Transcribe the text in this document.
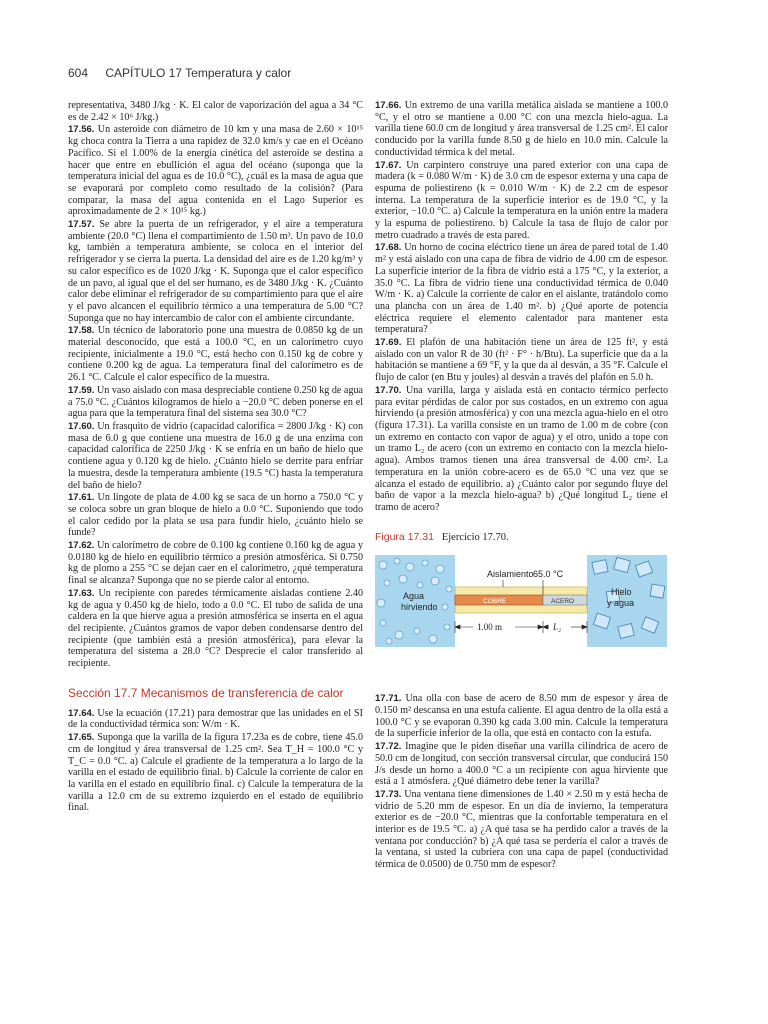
604 CAPÍTULO 17 Temperatura y calor

representativa, 3480 J/kg · K. El calor de vaporización del agua a 34 °C es de 2.42 × 10⁶ J/kg.)

17.56. Un asteroide con diámetro de 10 km y una masa de 2.60 × 10¹⁵ kg choca contra la Tierra a una rapidez de 32.0 km/s y cae en el Océano Pacífico. Si el 1.00% de la energía cinética del asteroide se destina a hacer que entre en ebullición el agua del océano (suponga que la temperatura inicial del agua es de 10.0 °C), ¿cuál es la masa de agua que se evaporará por completo como resultado de la colisión? (Para comparar, la masa del agua contenida en el Lago Superior es aproximadamente de 2 × 10¹⁵ kg.)

17.57. Se abre la puerta de un refrigerador, y el aire a temperatura ambiente (20.0 °C) llena el compartimiento de 1.50 m³. Un pavo de 10.0 kg, también a temperatura ambiente, se coloca en el interior del refrigerador y se cierra la puerta. La densidad del aire es de 1.20 kg/m³ y su calor específico es de 1020 J/kg · K. Suponga que el calor específico de un pavo, al igual que el del ser humano, es de 3480 J/kg · K. ¿Cuánto calor debe eliminar el refrigerador de su compartimiento para que el aire y el pavo alcancen el equilibrio térmico a una temperatura de 5.00 °C? Suponga que no hay intercambio de calor con el ambiente circundante.

17.58. Un técnico de laboratorio pone una muestra de 0.0850 kg de un material desconocido, que está a 100.0 °C, en un calorímetro cuyo recipiente, inicialmente a 19.0 °C, está hecho con 0.150 kg de cobre y contiene 0.200 kg de agua. La temperatura final del calorímetro es de 26.1 °C. Calcule el calor específico de la muestra.

17.59. Un vaso aislado con masa despreciable contiene 0.250 kg de agua a 75.0 °C. ¿Cuántos kilogramos de hielo a −20.0 °C deben ponerse en el agua para que la temperatura final del sistema sea 30.0 °C?

17.60. Un frasquito de vidrio (capacidad calorífica = 2800 J/kg · K) con masa de 6.0 g que contiene una muestra de 16.0 g de una enzima con capacidad calorífica de 2250 J/kg · K se enfría en un baño de hielo que contiene agua y 0.120 kg de hielo. ¿Cuánto hielo se derrite para enfriar la muestra, desde la temperatura ambiente (19.5 °C) hasta la temperatura del baño de hielo?

17.61. Un lingote de plata de 4.00 kg se saca de un horno a 750.0 °C y se coloca sobre un gran bloque de hielo a 0.0 °C. Suponiendo que todo el calor cedido por la plata se usa para fundir hielo, ¿cuánto hielo se funde?

17.62. Un calorímetro de cobre de 0.100 kg contiene 0.160 kg de agua y 0.0180 kg de hielo en equilibrio térmico a presión atmosférica. Si 0.750 kg de plomo a 255 °C se dejan caer en el calorímetro, ¿qué temperatura final se alcanza? Suponga que no se pierde calor al entorno.

17.63. Un recipiente con paredes térmicamente aisladas contiene 2.40 kg de agua y 0.450 kg de hielo, todo a 0.0 °C. El tubo de salida de una caldera en la que hierve agua a presión atmosférica se inserta en el agua del recipiente. ¿Cuántos gramos de vapor deben condensarse dentro del recipiente (que también está a presión atmosférica), para elevar la temperatura del sistema a 28.0 °C? Desprecie el calor transferido al recipiente.

Sección 17.7 Mecanismos de transferencia de calor

17.64. Use la ecuación (17.21) para demostrar que las unidades en el SI de la conductividad térmica son: W/m · K.

17.65. Suponga que la varilla de la figura 17.23a es de cobre, tiene 45.0 cm de longitud y área transversal de 1.25 cm². Sea T_H = 100.0 °C y T_C = 0.0 °C. a) Calcule el gradiente de la temperatura a lo largo de la varilla en el estado de equilibrio final. b) Calcule la corriente de calor en la varilla en el estado en equilibrio final. c) Calcule la temperatura de la varilla a 12.0 cm de su extremo izquierdo en el estado de equilibrio final.

17.66. Un extremo de una varilla metálica aislada se mantiene a 100.0 °C, y el otro se mantiene a 0.00 °C con una mezcla hielo-agua. La varilla tiene 60.0 cm de longitud y área transversal de 1.25 cm². El calor conducido por la varilla funde 8.50 g de hielo en 10.0 min. Calcule la conductividad térmica k del metal.

17.67. Un carpintero construye una pared exterior con una capa de madera (k = 0.080 W/m · K) de 3.0 cm de espesor externa y una capa de espuma de poliestireno (k = 0.010 W/m · K) de 2.2 cm de espesor interna. La temperatura de la superficie interior es de 19.0 °C, y la exterior, −10.0 °C. a) Calcule la temperatura en la unión entre la madera y la espuma de poliestireno. b) Calcule la tasa de flujo de calor por metro cuadrado a través de esta pared.

17.68. Un horno de cocina eléctrico tiene un área de pared total de 1.40 m² y está aislado con una capa de fibra de vidrio de 4.00 cm de espesor. La superficie interior de la fibra de vidrio está a 175 °C, y la exterior, a 35.0 °C. La fibra de vidrio tiene una conductividad térmica de 0.040 W/m · K. a) Calcule la corriente de calor en el aislante, tratándolo como una plancha con un área de 1.40 m². b) ¿Qué aporte de potencia eléctrica requiere el elemento calentador para mantener esta temperatura?

17.69. El plafón de una habitación tiene un área de 125 ft², y está aislado con un valor R de 30 (ft² · F° · h/Btu). La superficie que da a la habitación se mantiene a 69 °F, y la que da al desván, a 35 °F. Calcule el flujo de calor (en Btu y joules) al desván a través del plafón en 5.0 h.

17.70. Una varilla, larga y aislada está en contacto térmico perfecto para evitar pérdidas de calor por sus costados, en un extremo con agua hirviendo (a presión atmosférica) y con una mezcla agua-hielo en el otro (figura 17.31). La varilla consiste en un tramo de 1.00 m de cobre (con un extremo en contacto con vapor de agua) y el otro, unido a tope con un tramo L₂ de acero (con un extremo en contacto con la mezcla hielo-agua). Ambos tramos tienen una área transversal de 4.00 cm². La temperatura en la unión cobre-acero es de 65.0 °C una vez que se alcanza el estado de equilibrio. a) ¿Cuánto calor por segundo fluye del baño de vapor a la mezcla hielo-agua? b) ¿Qué longitud L₂ tiene el tramo de acero?

Figura 17.31 Ejercicio 17.70.
Aislamiento 65.0 °C
COBRE	ACERO
Agua
hirviendo
Hielo
y agua
1.00 m	L₂

17.71. Una olla con base de acero de 8.50 mm de espesor y área de 0.150 m² descansa en una estufa caliente. El agua dentro de la olla está a 100.0 °C y se evaporan 0.390 kg cada 3.00 min. Calcule la temperatura de la superficie inferior de la olla, que está en contacto con la estufa.

17.72. Imagine que le piden diseñar una varilla cilíndrica de acero de 50.0 cm de longitud, con sección transversal circular, que conducirá 150 J/s desde un horno a 400.0 °C a un recipiente con agua hirviente que está a 1 atmósfera. ¿Qué diámetro debe tener la varilla?

17.73. Una ventana tiene dimensiones de 1.40 × 2.50 m y está hecha de vidrio de 5.20 mm de espesor. En un día de invierno, la temperatura exterior es de −20.0 °C, mientras que la confortable temperatura en el interior es de 19.5 °C. a) ¿A qué tasa se ha perdido calor a través de la ventana por conducción? b) ¿A qué tasa se perdería el calor a través de la ventana, si usted la cubriera con una capa de papel (conductividad térmica de 0.0500) de 0.750 mm de espesor?
